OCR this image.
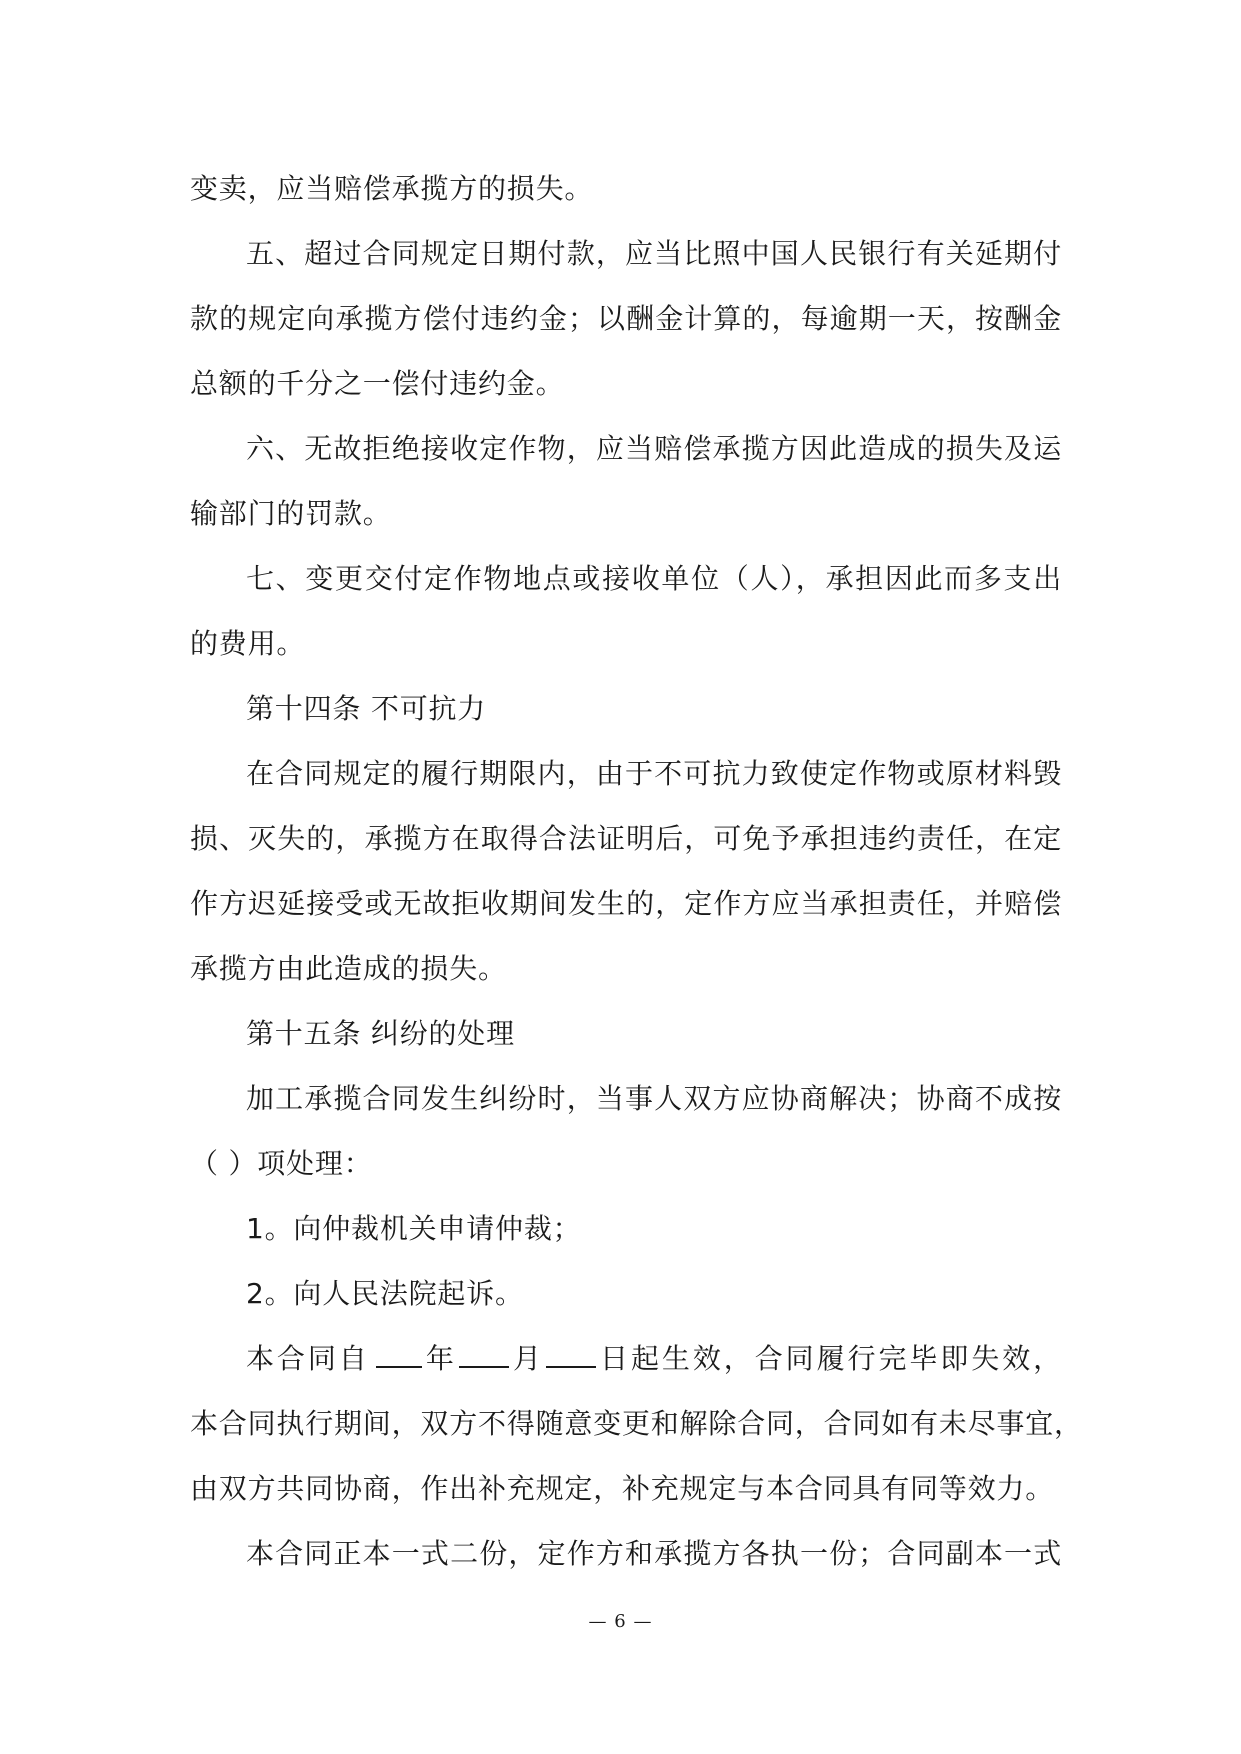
变卖，应当赔偿承揽方的损失。
五、超过合同规定日期付款，应当比照中国人民银行有关延期付
款的规定向承揽方偿付违约金；以酬金计算的，每逾期一天，按酬金
总额的千分之一偿付违约金。
六、无故拒绝接收定作物，应当赔偿承揽方因此造成的损失及运
输部门的罚款。
七、变更交付定作物地点或接收单位（人），承担因此而多支出
的费用。
第十四条 不可抗力
在合同规定的履行期限内，由于不可抗力致使定作物或原材料毁
损、灭失的，承揽方在取得合法证明后，可免予承担违约责任，在定
作方迟延接受或无故拒收期间发生的，定作方应当承担责任，并赔偿
承揽方由此造成的损失。
第十五条 纠纷的处理
加工承揽合同发生纠纷时，当事人双方应协商解决；协商不成按
（ ）项处理：
1。向仲裁机关申请仲裁；
2。向人民法院起诉。
本合同自 年 月 日起生效，合同履行完毕即失效，
本合同执行期间，双方不得随意变更和解除合同，合同如有未尽事宜，
由双方共同协商，作出补充规定，补充规定与本合同具有同等效力。
本合同正本一式二份，定作方和承揽方各执一份；合同副本一式
— 6 —
